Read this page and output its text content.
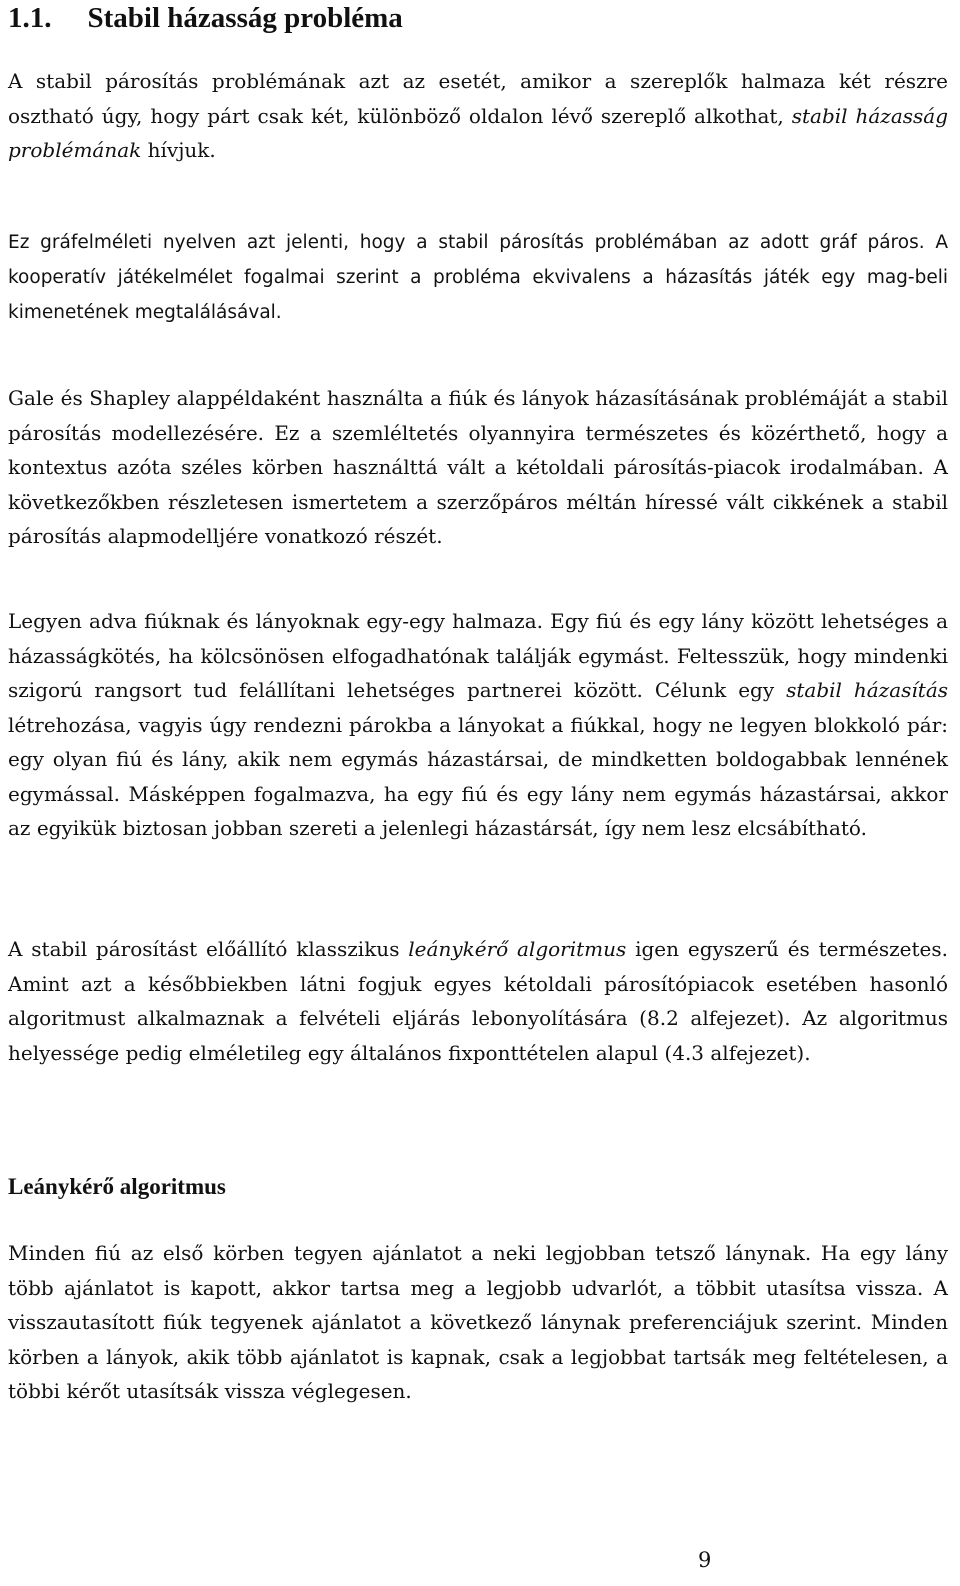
1.1. Stabil házasság probléma

A stabil párosítás problémának azt az esetét, amikor a szereplők halmaza két részre osztható úgy, hogy párt csak két, különböző oldalon lévő szereplő alkothat, stabil házasság problémának hívjuk.

Ez gráfelméleti nyelven azt jelenti, hogy a stabil párosítás problémában az adott gráf páros. A kooperatív játékelmélet fogalmai szerint a probléma ekvivalens a házasítás játék egy mag-beli kimenetének megtalálásával.

Gale és Shapley alappéldaként használta a fiúk és lányok házasításának problémáját a stabil párosítás modellezésére. Ez a szemléltetés olyannyira természetes és közérthető, hogy a kontextus azóta széles körben használttá vált a kétoldali párosítás-piacok irodalmában. A következőkben részletesen ismertetem a szerzőpáros méltán híressé vált cikkének a stabil párosítás alapmodelljére vonatkozó részét.

Legyen adva fiúknak és lányoknak egy-egy halmaza. Egy fiú és egy lány között lehetséges a házasságkötés, ha kölcsönösen elfogadhatónak találják egymást. Feltesszük, hogy mindenki szigorú rangsort tud felállítani lehetséges partnerei között. Célunk egy stabil házasítás létrehozása, vagyis úgy rendezni párokba a lányokat a fiúkkal, hogy ne legyen blokkoló pár: egy olyan fiú és lány, akik nem egymás házastársai, de mindketten boldogabbak lennének egymással. Másképpen fogalmazva, ha egy fiú és egy lány nem egymás házastársai, akkor az egyikük biztosan jobban szereti a jelenlegi házastársát, így nem lesz elcsábítható.

A stabil párosítást előállító klasszikus leánykérő algoritmus igen egyszerű és természetes. Amint azt a későbbiekben látni fogjuk egyes kétoldali párosítópiacok esetében hasonló algoritmust alkalmaznak a felvételi eljárás lebonyolítására (8.2 alfejezet). Az algoritmus helyessége pedig elméletileg egy általános fixponttételen alapul (4.3 alfejezet).

Leánykérő algoritmus

Minden fiú az első körben tegyen ajánlatot a neki legjobban tetsző lánynak. Ha egy lány több ajánlatot is kapott, akkor tartsa meg a legjobb udvarlót, a többit utasítsa vissza. A visszautasított fiúk tegyenek ajánlatot a következő lánynak preferenciájuk szerint. Minden körben a lányok, akik több ajánlatot is kapnak, csak a legjobbat tartsák meg feltételesen, a többi kérőt utasítsák vissza véglegesen.

9
